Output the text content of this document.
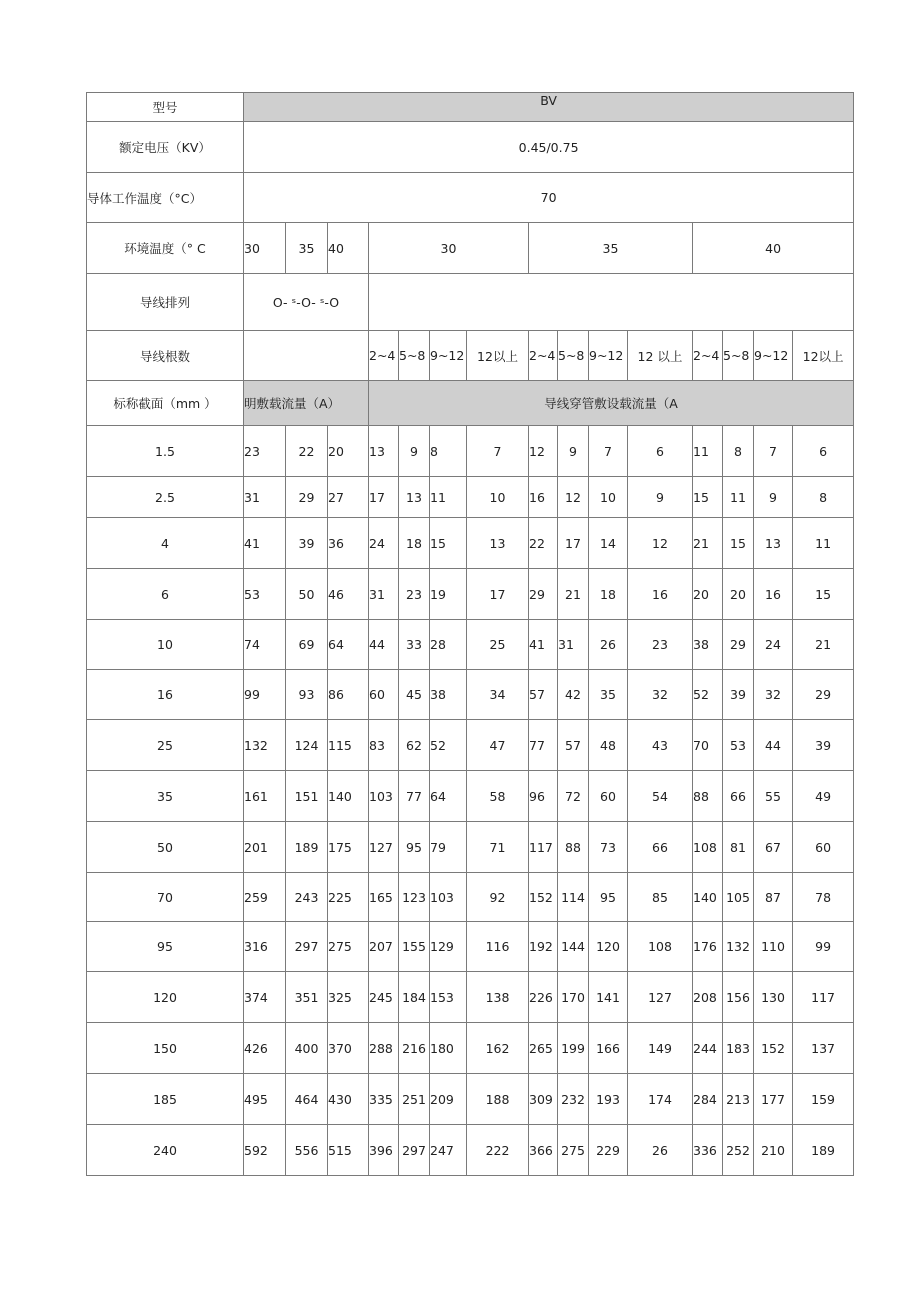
型号	BV														
额定电压（KV）	0.45/0.75														
导体工作温度（°C）	70														
环境温度（° C	30	35	40	30				35				40			
导线排列	O- ˢ-O- ˢ-O														
导线根数				2~4	5~8	9~12	12以上	2~4	5~8	9~12	12 以上	2~4	5~8	9~12	12以上
标称截面（mm ）	明敷载流量（A）			导线穿管敷设载流量（A											
1.5	23	22	20	13	9	8	7	12	9	7	6	11	8	7	6
2.5	31	29	27	17	13	11	10	16	12	10	9	15	11	9	8
4	41	39	36	24	18	15	13	22	17	14	12	21	15	13	11
6	53	50	46	31	23	19	17	29	21	18	16	20	20	16	15
10	74	69	64	44	33	28	25	41	31	26	23	38	29	24	21
16	99	93	86	60	45	38	34	57	42	35	32	52	39	32	29
25	132	124	115	83	62	52	47	77	57	48	43	70	53	44	39
35	161	151	140	103	77	64	58	96	72	60	54	88	66	55	49
50	201	189	175	127	95	79	71	117	88	73	66	108	81	67	60
70	259	243	225	165	123	103	92	152	114	95	85	140	105	87	78
95	316	297	275	207	155	129	116	192	144	120	108	176	132	110	99
120	374	351	325	245	184	153	138	226	170	141	127	208	156	130	117
150	426	400	370	288	216	180	162	265	199	166	149	244	183	152	137
185	495	464	430	335	251	209	188	309	232	193	174	284	213	177	159
240	592	556	515	396	297	247	222	366	275	229	26	336	252	210	189
